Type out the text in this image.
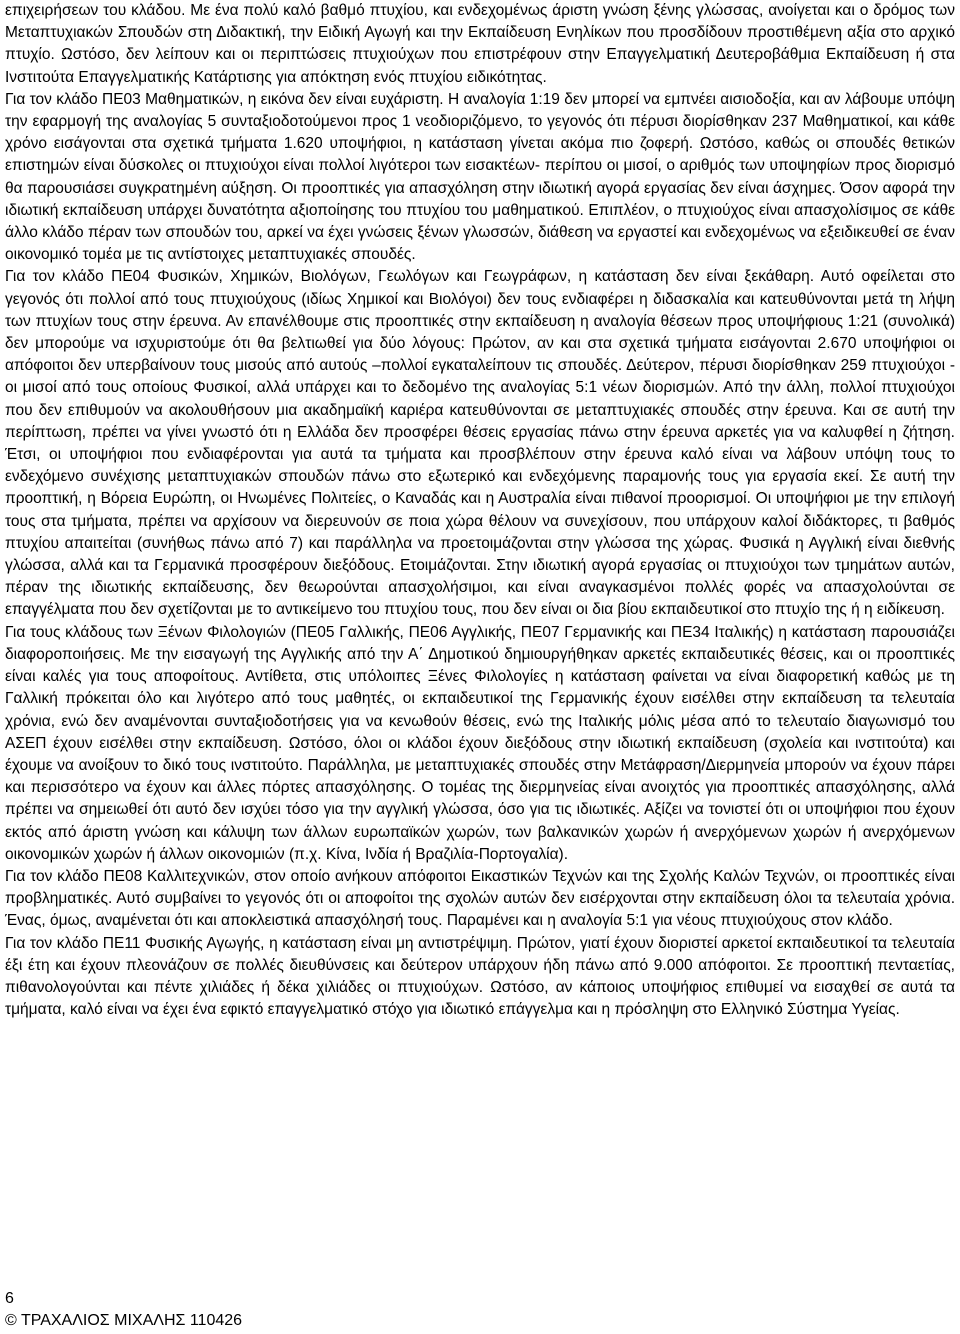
επιχειρήσεων του κλάδου. Με ένα πολύ καλό βαθμό πτυχίου, και ενδεχομένως άριστη γνώση ξένης γλώσσας, ανοίγεται και ο δρόμος των Μεταπτυχιακών Σπουδών στη Διδακτική, την Ειδική Αγωγή και την Εκπαίδευση Ενηλίκων που προσδίδουν προστιθέμενη αξία στο αρχικό πτυχίο. Ωστόσο, δεν λείπουν και οι περιπτώσεις πτυχιούχων που επιστρέφουν στην Επαγγελματική Δευτεροβάθμια Εκπαίδευση ή στα Ινστιτούτα Επαγγελματικής Κατάρτισης για απόκτηση ενός πτυχίου ειδικότητας.

Για τον κλάδο ΠΕ03 Μαθηματικών, η εικόνα δεν είναι ευχάριστη. Η αναλογία 1:19 δεν μπορεί να εμπνέει αισιοδοξία, και αν λάβουμε υπόψη την εφαρμογή της αναλογίας 5 συνταξιοδοτούμενοι προς 1 νεοδιοριζόμενο, το γεγονός ότι πέρυσι διορίσθηκαν 237 Μαθηματικοί, και κάθε χρόνο εισάγονται στα σχετικά τμήματα 1.620 υποψήφιοι, η κατάσταση γίνεται ακόμα πιο ζοφερή. Ωστόσο, καθώς οι σπουδές θετικών επιστημών είναι δύσκολες οι πτυχιούχοι είναι πολλοί λιγότεροι των εισακτέων- περίπου οι μισοί, ο αριθμός των υποψηφίων προς διορισμό θα παρουσιάσει συγκρατημένη αύξηση. Οι προοπτικές για απασχόληση στην ιδιωτική αγορά εργασίας δεν είναι άσχημες. Όσον αφορά την ιδιωτική εκπαίδευση υπάρχει δυνατότητα αξιοποίησης του πτυχίου του μαθηματικού. Επιπλέον, ο πτυχιούχος είναι απασχολίσιμος σε κάθε άλλο κλάδο πέραν των σπουδών του, αρκεί να έχει γνώσεις ξένων γλωσσών, διάθεση να εργαστεί και ενδεχομένως να εξειδικευθεί σε έναν οικονομικό τομέα με τις αντίστοιχες μεταπτυχιακές σπουδές.

Για τον κλάδο ΠΕ04 Φυσικών, Χημικών, Βιολόγων, Γεωλόγων και Γεωγράφων, η κατάσταση δεν είναι ξεκάθαρη. Αυτό οφείλεται στο γεγονός ότι πολλοί από τους πτυχιούχους (ιδίως Χημικοί και Βιολόγοι) δεν τους ενδιαφέρει η διδασκαλία και κατευθύνονται μετά τη λήψη των πτυχίων τους στην έρευνα. Αν επανέλθουμε στις προοπτικές στην εκπαίδευση η αναλογία θέσεων προς υποψήφιους 1:21 (συνολικά) δεν μπορούμε να ισχυριστούμε ότι θα βελτιωθεί για δύο λόγους: Πρώτον, αν και στα σχετικά τμήματα εισάγονται 2.670 υποψήφιοι οι απόφοιτοι δεν υπερβαίνουν τους μισούς από αυτούς –πολλοί εγκαταλείπουν τις σπουδές. Δεύτερον, πέρυσι διορίσθηκαν 259 πτυχιούχοι - οι μισοί από τους οποίους Φυσικοί, αλλά υπάρχει και το δεδομένο της αναλογίας 5:1 νέων διορισμών. Από την άλλη, πολλοί πτυχιούχοι που δεν επιθυμούν να ακολουθήσουν μια ακαδημαϊκή καριέρα κατευθύνονται σε μεταπτυχιακές σπουδές στην έρευνα. Και σε αυτή την περίπτωση, πρέπει να γίνει γνωστό ότι η Ελλάδα δεν προσφέρει θέσεις εργασίας πάνω στην έρευνα αρκετές για να καλυφθεί η ζήτηση. Έτσι, οι υποψήφιοι που ενδιαφέρονται για αυτά τα τμήματα και προσβλέπουν στην έρευνα καλό είναι να λάβουν υπόψη τους το ενδεχόμενο συνέχισης μεταπτυχιακών σπουδών πάνω στο εξωτερικό και ενδεχόμενης παραμονής τους για εργασία εκεί. Σε αυτή την προοπτική, η Βόρεια Ευρώπη, οι Ηνωμένες Πολιτείες, ο Καναδάς και η Αυστραλία είναι πιθανοί προορισμοί. Οι υποψήφιοι με την επιλογή τους στα τμήματα, πρέπει να αρχίσουν να διερευνούν σε ποια χώρα θέλουν να συνεχίσουν, που υπάρχουν καλοί διδάκτορες, τι βαθμός πτυχίου απαιτείται (συνήθως πάνω από 7) και παράλληλα να προετοιμάζονται στην γλώσσα της χώρας. Φυσικά η Αγγλική είναι διεθνής γλώσσα, αλλά και τα Γερμανικά προσφέρουν διεξόδους. Ετοιμάζονται. Στην ιδιωτική αγορά εργασίας οι πτυχιούχοι των τμημάτων αυτών, πέραν της ιδιωτικής εκπαίδευσης, δεν θεωρούνται απασχολήσιμοι, και είναι αναγκασμένοι πολλές φορές να απασχολούνται σε επαγγέλματα που δεν σχετίζονται με το αντικείμενο του πτυχίου τους, που δεν είναι οι δια βίου εκπαιδευτικοί στο πτυχίο της ή η ειδίκευση.

Για τους κλάδους των Ξένων Φιλολογιών (ΠΕ05 Γαλλικής, ΠΕ06 Αγγλικής, ΠΕ07 Γερμανικής και ΠΕ34 Ιταλικής) η κατάσταση παρουσιάζει διαφοροποιήσεις. Με την εισαγωγή της Αγγλικής από την Α΄ Δημοτικού δημιουργήθηκαν αρκετές εκπαιδευτικές θέσεις, και οι προοπτικές είναι καλές για τους αποφοίτους. Αντίθετα, στις υπόλοιπες Ξένες Φιλολογίες η κατάσταση φαίνεται να είναι διαφορετική καθώς με τη Γαλλική πρόκειται όλο και λιγότερο από τους μαθητές, οι εκπαιδευτικοί της Γερμανικής έχουν εισέλθει στην εκπαίδευση τα τελευταία χρόνια, ενώ δεν αναμένονται συνταξιοδοτήσεις για να κενωθούν θέσεις, ενώ της Ιταλικής μόλις μέσα από το τελευταίο διαγωνισμό του ΑΣΕΠ έχουν εισέλθει στην εκπαίδευση. Ωστόσο, όλοι οι κλάδοι έχουν διεξόδους στην ιδιωτική εκπαίδευση (σχολεία και ινστιτούτα) και έχουμε να ανοίξουν το δικό τους ινστιτούτο. Παράλληλα, με μεταπτυχιακές σπουδές στην Μετάφραση/Διερμηνεία μπορούν να έχουν πάρει και περισσότερο να έχουν και άλλες πόρτες απασχόλησης. Ο τομέας της διερμηνείας είναι ανοιχτός για προοπτικές απασχόλησης, αλλά πρέπει να σημειωθεί ότι αυτό δεν ισχύει τόσο για την αγγλική γλώσσα, όσο για τις ιδιωτικές. Αξίζει να τονιστεί ότι οι υποψήφιοι που έχουν εκτός από άριστη γνώση και κάλυψη των άλλων ευρωπαϊκών χωρών, των βαλκανικών χωρών ή ανερχόμενων χωρών ή ανερχόμενων οικονομικών χωρών ή άλλων οικονομιών (π.χ. Κίνα, Ινδία ή Βραζιλία-Πορτογαλία).

Για τον κλάδο ΠΕ08 Καλλιτεχνικών, στον οποίο ανήκουν απόφοιτοι Εικαστικών Τεχνών και της Σχολής Καλών Τεχνών, οι προοπτικές είναι προβληματικές. Αυτό συμβαίνει το γεγονός ότι οι αποφοίτοι της σχολών αυτών δεν εισέρχονται στην εκπαίδευση όλοι τα τελευταία χρόνια. Ένας, όμως, αναμένεται ότι και αποκλειστικά απασχόλησή τους. Παραμένει και η αναλογία 5:1 για νέους πτυχιούχους στον κλάδο.

Για τον κλάδο ΠΕ11 Φυσικής Αγωγής, η κατάσταση είναι μη αντιστρέψιμη. Πρώτον, γιατί έχουν διοριστεί αρκετοί εκπαιδευτικοί τα τελευταία έξι έτη και έχουν πλεονάζουν σε πολλές διευθύνσεις και δεύτερον υπάρχουν ήδη πάνω από 9.000 απόφοιτοι. Σε προοπτική πενταετίας, πιθανολογούνται και πέντε χιλιάδες ή δέκα χιλιάδες οι πτυχιούχων. Ωστόσο, αν κάποιος υποψήφιος επιθυμεί να εισαχθεί σε αυτά τα τμήματα, καλό είναι να έχει ένα εφικτό επαγγελματικό στόχο για ιδιωτικό επάγγελμα και η πρόσληψη στο Ελληνικό Σύστημα Υγείας.

6
© ΤΡΑΧΑΛΙΟΣ ΜΙΧΑΛΗΣ 110426
